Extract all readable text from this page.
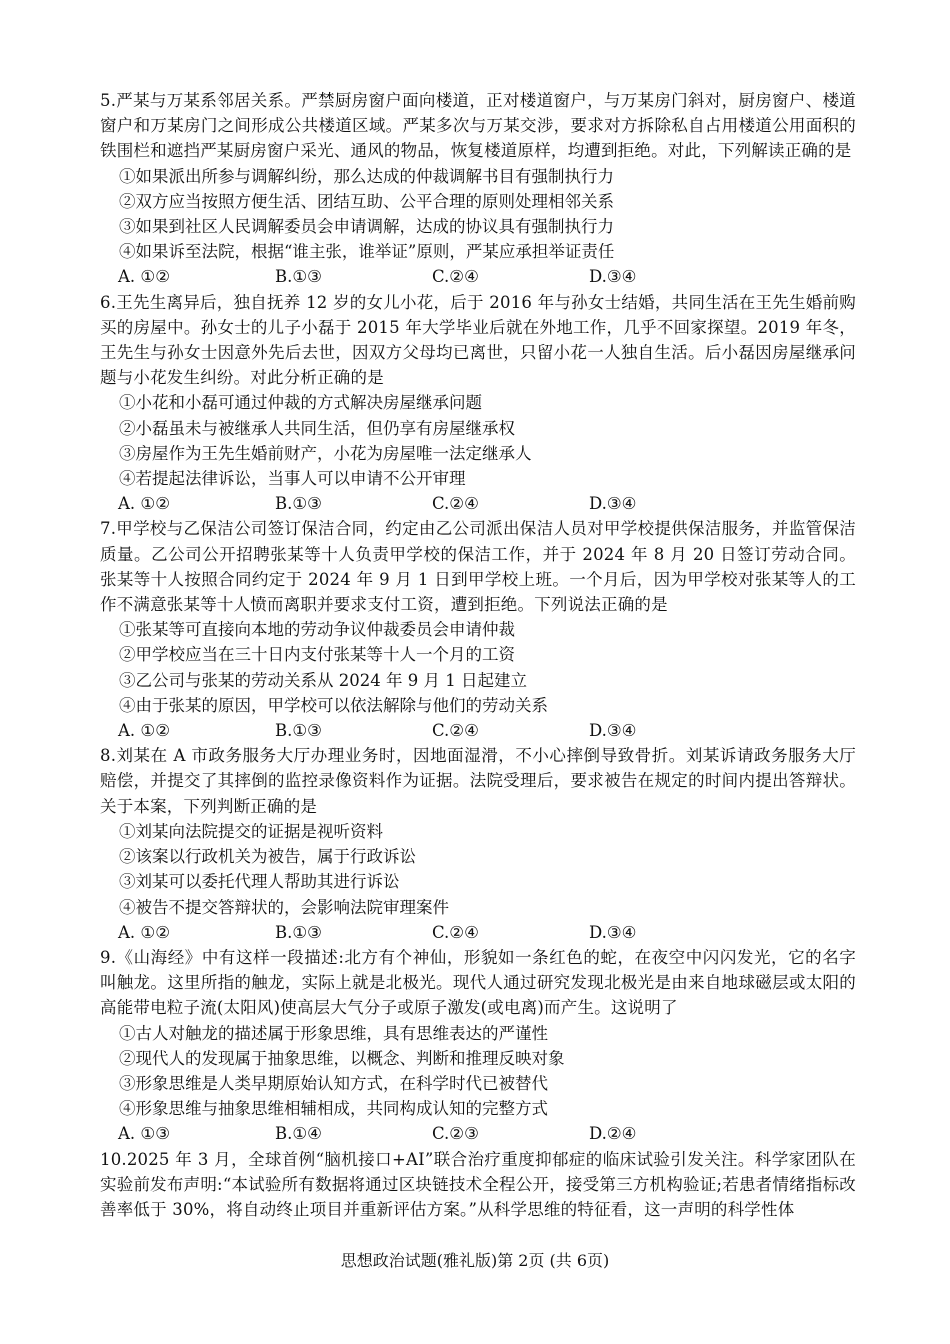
5.严某与万某系邻居关系。严禁厨房窗户面向楼道，正对楼道窗户，与万某房门斜对，厨房窗户、楼道窗户和万某房门之间形成公共楼道区域。严某多次与万某交涉，要求对方拆除私自占用楼道公用面积的铁围栏和遮挡严某厨房窗户采光、通风的物品，恢复楼道原样，均遭到拒绝。对此，下列解读正确的是

①如果派出所参与调解纠纷，那么达成的仲裁调解书目有强制执行力
②双方应当按照方便生活、团结互助、公平合理的原则处理相邻关系
③如果到社区人民调解委员会申请调解，达成的协议具有强制执行力
④如果诉至法院，根据“谁主张，谁举证”原则，严某应承担举证责任
A. ①②	B.①③	C.②④	D.③④

6.王先生离异后，独自抚养 12 岁的女儿小花，后于 2016 年与孙女士结婚，共同生活在王先生婚前购买的房屋中。孙女士的儿子小磊于 2015 年大学毕业后就在外地工作，几乎不回家探望。2019 年冬，王先生与孙女士因意外先后去世，因双方父母均已离世，只留小花一人独自生活。后小磊因房屋继承问题与小花发生纠纷。对此分析正确的是

①小花和小磊可通过仲裁的方式解决房屋继承问题
②小磊虽未与被继承人共同生活，但仍享有房屋继承权
③房屋作为王先生婚前财产，小花为房屋唯一法定继承人
④若提起法律诉讼，当事人可以申请不公开审理
A. ①②	B.①③	C.②④	D.③④

7.甲学校与乙保洁公司签订保洁合同，约定由乙公司派出保洁人员对甲学校提供保洁服务，并监管保洁质量。乙公司公开招聘张某等十人负责甲学校的保洁工作，并于 2024 年 8 月 20 日签订劳动合同。张某等十人按照合同约定于 2024 年 9 月 1 日到甲学校上班。一个月后，因为甲学校对张某等人的工作不满意张某等十人愤而离职并要求支付工资，遭到拒绝。下列说法正确的是

①张某等可直接向本地的劳动争议仲裁委员会申请仲裁
②甲学校应当在三十日内支付张某等十人一个月的工资
③乙公司与张某的劳动关系从 2024 年 9 月 1 日起建立
④由于张某的原因，甲学校可以依法解除与他们的劳动关系
A. ①②	B.①③	C.②④	D.③④

8.刘某在 A 市政务服务大厅办理业务时，因地面湿滑，不小心摔倒导致骨折。刘某诉请政务服务大厅赔偿，并提交了其摔倒的监控录像资料作为证据。法院受理后，要求被告在规定的时间内提出答辩状。关于本案，下列判断正确的是

①刘某向法院提交的证据是视听资料
②该案以行政机关为被告，属于行政诉讼
③刘某可以委托代理人帮助其进行诉讼
④被告不提交答辩状的，会影响法院审理案件
A. ①②	B.①③	C.②④	D.③④

9.《山海经》中有这样一段描述:北方有个神仙，形貌如一条红色的蛇，在夜空中闪闪发光，它的名字叫触龙。这里所指的触龙，实际上就是北极光。现代人通过研究发现北极光是由来自地球磁层或太阳的高能带电粒子流(太阳风)使高层大气分子或原子激发(或电离)而产生。这说明了

①古人对触龙的描述属于形象思维，具有思维表达的严谨性
②现代人的发现属于抽象思维，以概念、判断和推理反映对象
③形象思维是人类早期原始认知方式，在科学时代已被替代
④形象思维与抽象思维相辅相成，共同构成认知的完整方式
A. ①③	B.①④	C.②③	D.②④

10.2025 年 3 月，全球首例“脑机接口+AI”联合治疗重度抑郁症的临床试验引发关注。科学家团队在实验前发布声明:“本试验所有数据将通过区块链技术全程公开，接受第三方机构验证;若患者情绪指标改善率低于 30%，将自动终止项目并重新评估方案。”从科学思维的特征看，这一声明的科学性体

思想政治试题(雅礼版)第 2页 (共 6页)
